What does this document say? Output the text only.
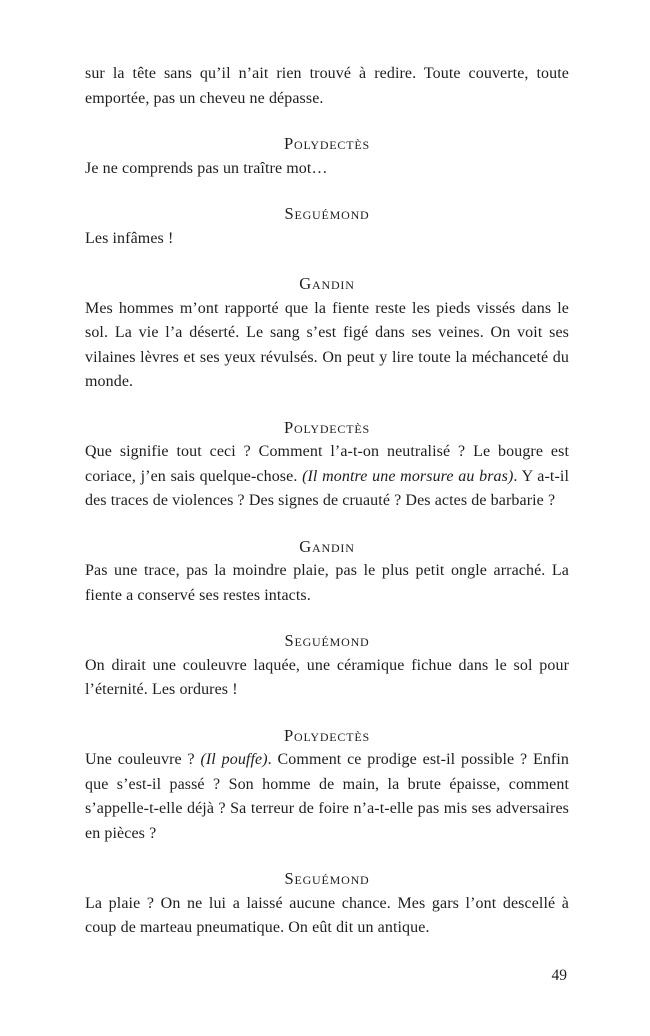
sur la tête sans qu’il n’ait rien trouvé à redire. Toute couverte, toute emportée, pas un cheveu ne dépasse.

Polydectès

Je ne comprends pas un traître mot…

Seguémond

Les infâmes !

Gandin

Mes hommes m’ont rapporté que la fiente reste les pieds vissés dans le sol. La vie l’a déserté. Le sang s’est figé dans ses veines. On voit ses vilaines lèvres et ses yeux révulsés. On peut y lire toute la méchanceté du monde.

Polydectès

Que signifie tout ceci ? Comment l’a-t-on neutralisé ? Le bougre est coriace, j’en sais quelque-chose. (Il montre une morsure au bras). Y a-t-il des traces de violences ? Des signes de cruauté ? Des actes de barbarie ?

Gandin

Pas une trace, pas la moindre plaie, pas le plus petit ongle arraché. La fiente a conservé ses restes intacts.

Seguémond

On dirait une couleuvre laquée, une céramique fichue dans le sol pour l’éternité. Les ordures !

Polydectès

Une couleuvre ? (Il pouffe). Comment ce prodige est-il possible ? Enfin que s’est-il passé ? Son homme de main, la brute épaisse, comment s’appelle-t-elle déjà ? Sa terreur de foire n’a-t-elle pas mis ses adversaires en pièces ?

Seguémond

La plaie ? On ne lui a laissé aucune chance. Mes gars l’ont descellé à coup de marteau pneumatique. On eût dit un antique.

49
